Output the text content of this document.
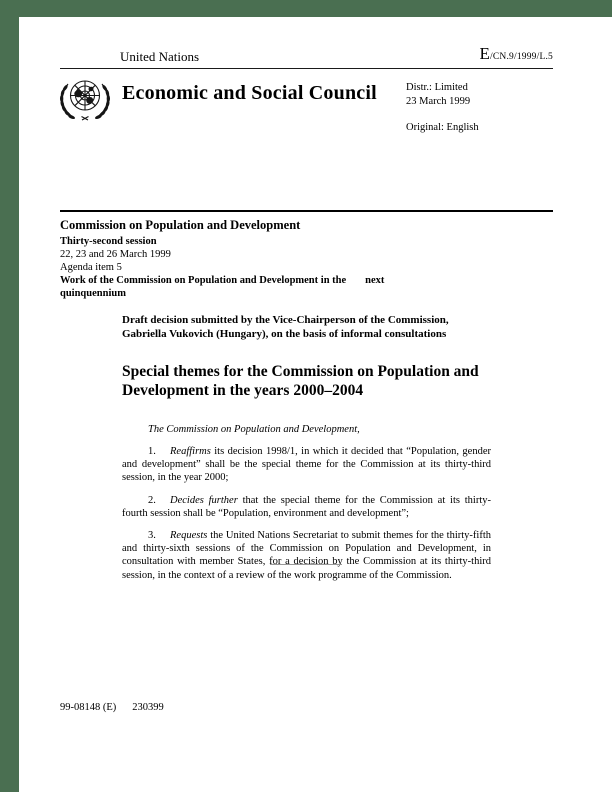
United Nations	E/CN.9/1999/L.5
Economic and Social Council	Distr.: Limited
23 March 1999
Original: English
Commission on Population and Development
Thirty-second session
22, 23 and 26 March 1999
Agenda item 5
Work of the Commission on Population and Development in the next
quinquennium

Draft decision submitted by the Vice-Chairperson of the Commission,
Gabriella Vukovich (Hungary), on the basis of informal consultations

Special themes for the Commission on Population and
Development in the years 2000–2004

The Commission on Population and Development,

1. Reaffirms its decision 1998/1, in which it decided that “Population, gender and development” shall be the special theme for the Commission at its thirty-third session, in the year 2000;

2. Decides further that the special theme for the Commission at its thirty-fourth session shall be “Population, environment and development”;

3. Requests the United Nations Secretariat to submit themes for the thirty-fifth and thirty-sixth sessions of the Commission on Population and Development, in consultation with member States, for a decision by the Commission at its thirty-third session, in the context of a review of the work programme of the Commission.

99-08148 (E) 230399
